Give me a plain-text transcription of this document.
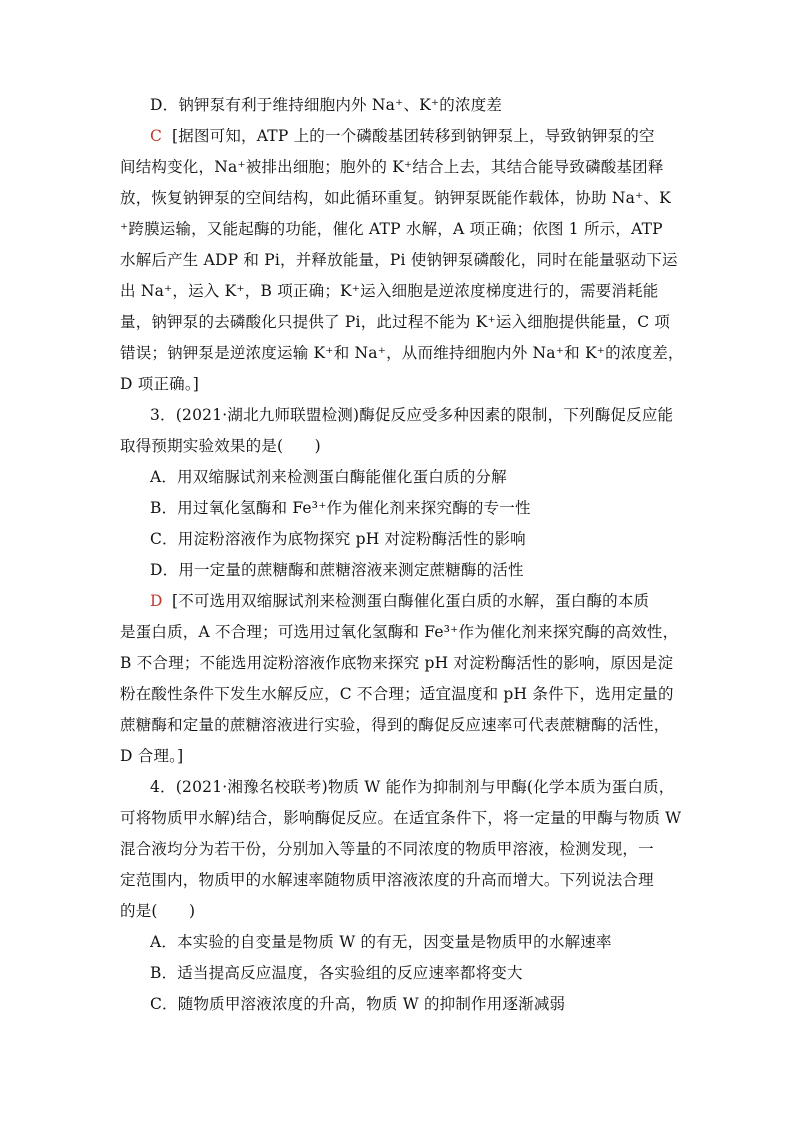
D．钠钾泵有利于维持细胞内外 Na⁺、K⁺的浓度差
C [据图可知，ATP 上的一个磷酸基团转移到钠钾泵上，导致钠钾泵的空
间结构变化，Na⁺被排出细胞；胞外的 K⁺结合上去，其结合能导致磷酸基团释
放，恢复钠钾泵的空间结构，如此循环重复。钠钾泵既能作载体，协助 Na⁺、K
⁺跨膜运输，又能起酶的功能，催化 ATP 水解，A 项正确；依图 1 所示，ATP
水解后产生 ADP 和 Pi，并释放能量，Pi 使钠钾泵磷酸化，同时在能量驱动下运
出 Na⁺，运入 K⁺，B 项正确；K⁺运入细胞是逆浓度梯度进行的，需要消耗能
量，钠钾泵的去磷酸化只提供了 Pi，此过程不能为 K⁺运入细胞提供能量，C 项
错误；钠钾泵是逆浓度运输 K⁺和 Na⁺，从而维持细胞内外 Na⁺和 K⁺的浓度差，
D 项正确。]
3．(2021·湖北九师联盟检测)酶促反应受多种因素的限制，下列酶促反应能
取得预期实验效果的是(　　)
A．用双缩脲试剂来检测蛋白酶能催化蛋白质的分解
B．用过氧化氢酶和 Fe³⁺作为催化剂来探究酶的专一性
C．用淀粉溶液作为底物探究 pH 对淀粉酶活性的影响
D．用一定量的蔗糖酶和蔗糖溶液来测定蔗糖酶的活性
D [不可选用双缩脲试剂来检测蛋白酶催化蛋白质的水解，蛋白酶的本质
是蛋白质，A 不合理；可选用过氧化氢酶和 Fe³⁺作为催化剂来探究酶的高效性，
B 不合理；不能选用淀粉溶液作底物来探究 pH 对淀粉酶活性的影响，原因是淀
粉在酸性条件下发生水解反应，C 不合理；适宜温度和 pH 条件下，选用定量的
蔗糖酶和定量的蔗糖溶液进行实验，得到的酶促反应速率可代表蔗糖酶的活性，
D 合理。]
4．(2021·湘豫名校联考)物质 W 能作为抑制剂与甲酶(化学本质为蛋白质，
可将物质甲水解)结合，影响酶促反应。在适宜条件下，将一定量的甲酶与物质 W
混合液均分为若干份，分别加入等量的不同浓度的物质甲溶液，检测发现，一
定范围内，物质甲的水解速率随物质甲溶液浓度的升高而增大。下列说法合理
的是(　　)
A．本实验的自变量是物质 W 的有无，因变量是物质甲的水解速率
B．适当提高反应温度，各实验组的反应速率都将变大
C．随物质甲溶液浓度的升高，物质 W 的抑制作用逐渐减弱
